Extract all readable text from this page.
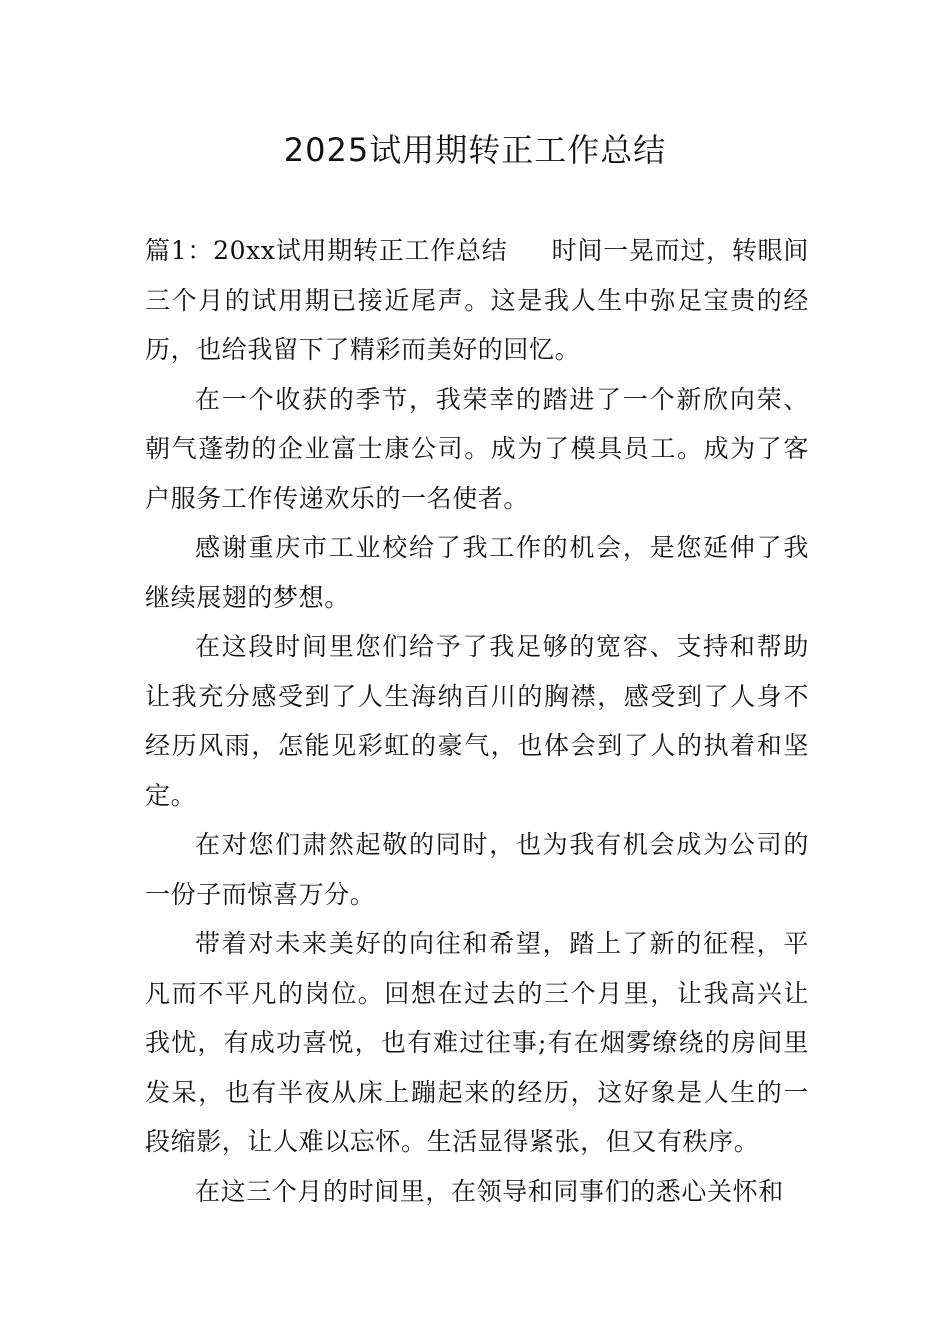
2025试用期转正工作总结

篇1：20xx试用期转正工作总结 时间一晃而过，转眼间三个月的试用期已接近尾声。这是我人生中弥足宝贵的经历，也给我留下了精彩而美好的回忆。

在一个收获的季节，我荣幸的踏进了一个新欣向荣、朝气蓬勃的企业富士康公司。成为了模具员工。成为了客户服务工作传递欢乐的一名使者。

感谢重庆市工业校给了我工作的机会，是您延伸了我继续展翅的梦想。

在这段时间里您们给予了我足够的宽容、支持和帮助让我充分感受到了人生海纳百川的胸襟，感受到了人身不经历风雨，怎能见彩虹的豪气，也体会到了人的执着和坚定。

在对您们肃然起敬的同时，也为我有机会成为公司的一份子而惊喜万分。

带着对未来美好的向往和希望，踏上了新的征程，平凡而不平凡的岗位。回想在过去的三个月里，让我高兴让我忧，有成功喜悦，也有难过往事;有在烟雾缭绕的房间里发呆，也有半夜从床上蹦起来的经历，这好象是人生的一段缩影，让人难以忘怀。生活显得紧张，但又有秩序。

在这三个月的时间里，在领导和同事们的悉心关怀和
